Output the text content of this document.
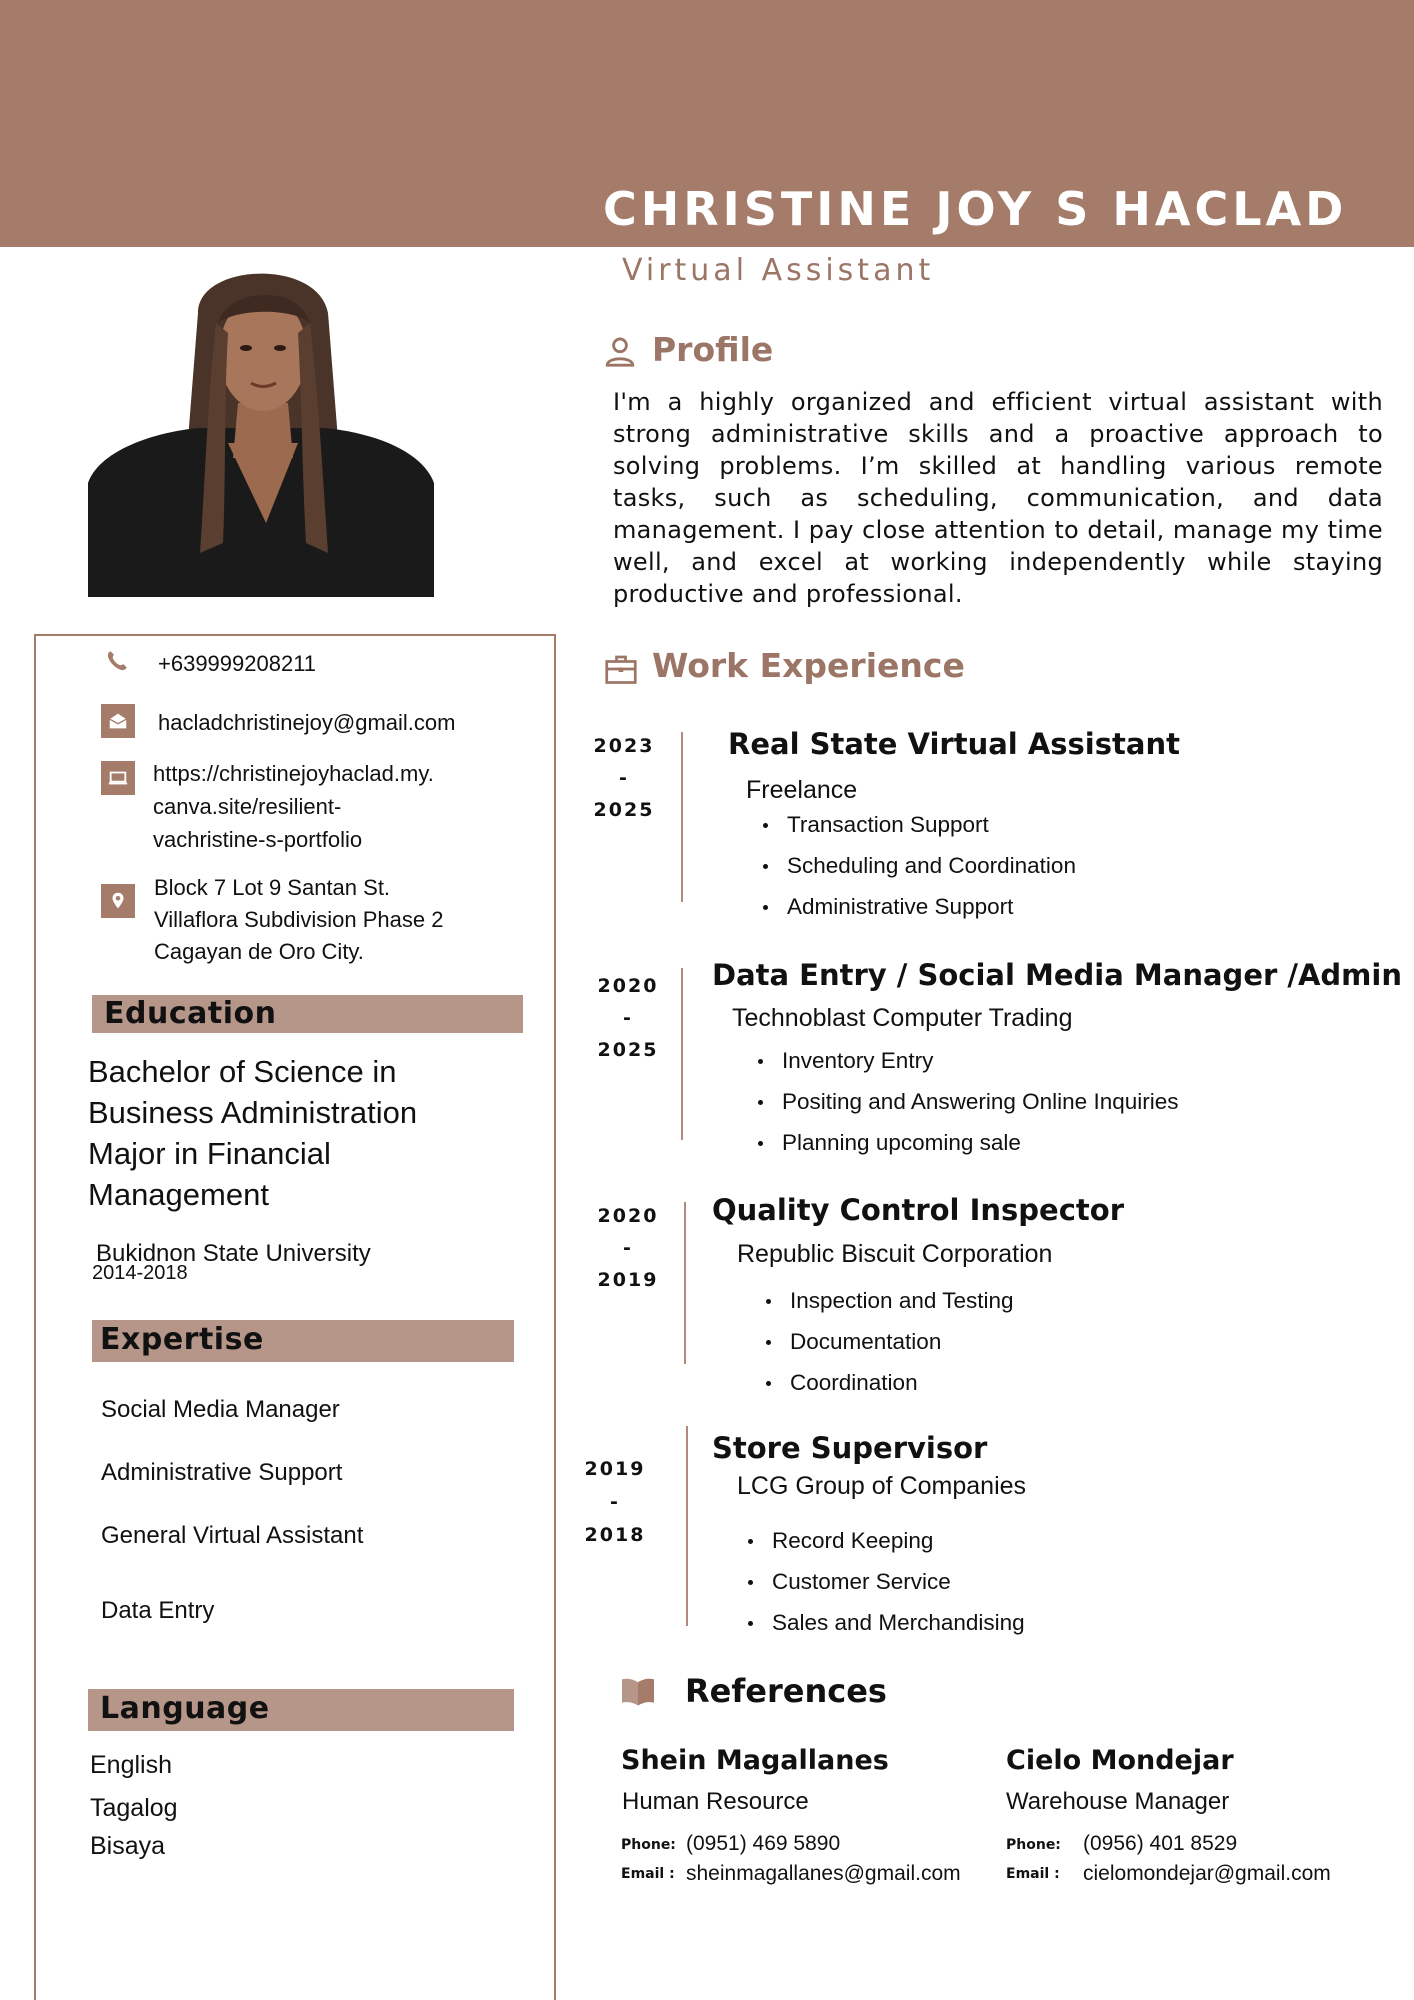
CHRISTINE JOY S HACLAD
Virtual Assistant
+639999208211
hacladchristinejoy@gmail.com
https://christinejoyhaclad.my.
canva.site/resilient-
vachristine-s-portfolio
Block 7 Lot 9 Santan St.
Villaflora Subdivision Phase 2
Cagayan de Oro City.
Education
Bachelor of Science in
Business Administration
Major in Financial
Management
Bukidnon State University
2014-2018
Expertise
Social Media Manager
Administrative Support
General Virtual Assistant
Data Entry
Language
English
Tagalog
Bisaya
Profile
I'm a highly organized and efficient virtual assistant with strong administrative skills and a proactive approach to solving problems. I’m skilled at handling various remote tasks, such as scheduling, communication, and data management. I pay close attention to detail, manage my time well, and excel at working independently while staying productive and professional.
Work Experience
2023
-
2025
Real State Virtual Assistant
Freelance
Transaction Support
Scheduling and Coordination
Administrative Support
2020
-
2025
Data Entry / Social Media Manager /Admin
Technoblast Computer Trading
Inventory Entry
Positing and Answering Online Inquiries
Planning upcoming sale
2020
-
2019
Quality Control Inspector
Republic Biscuit Corporation
Inspection and Testing
Documentation
Coordination
2019
-
2018
Store Supervisor
LCG Group of Companies
Record Keeping
Customer Service
Sales and Merchandising
References
Shein Magallanes
Human Resource
Phone: (0951) 469 5890
Email : sheinmagallanes@gmail.com
Cielo Mondejar
Warehouse Manager
Phone: (0956) 401 8529
Email : cielomondejar@gmail.com
